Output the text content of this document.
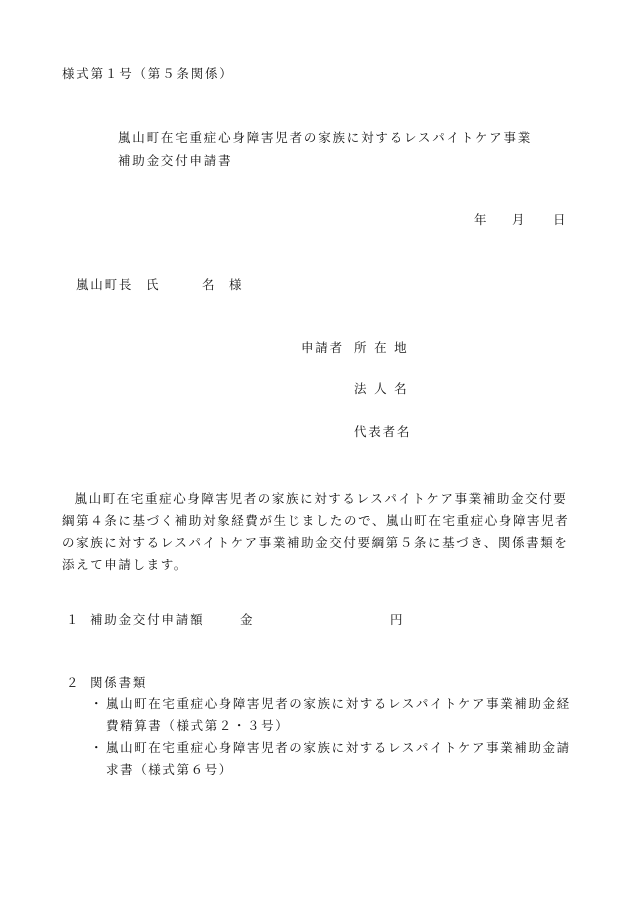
様式第１号（第５条関係）
嵐山町在宅重症心身障害児者の家族に対するレスパイトケア事業
補助金交付申請書
年 月 日
嵐山町長 氏	名 様
申請者 所 在 地
法 人 名
代表者名
嵐山町在宅重症心身障害児者の家族に対するレスパイトケア事業補助金交付要綱第４条に基づく補助対象経費が生じましたので、嵐山町在宅重症心身障害児者の家族に対するレスパイトケア事業補助金交付要綱第５条に基づき、関係書類を添えて申請します。
１ 補助金交付申請額	金	円
２ 関係書類
・ 嵐山町在宅重症心身障害児者の家族に対するレスパイトケア事業補助金経費精算書（様式第２・３号）
・ 嵐山町在宅重症心身障害児者の家族に対するレスパイトケア事業補助金請求書（様式第６号）
